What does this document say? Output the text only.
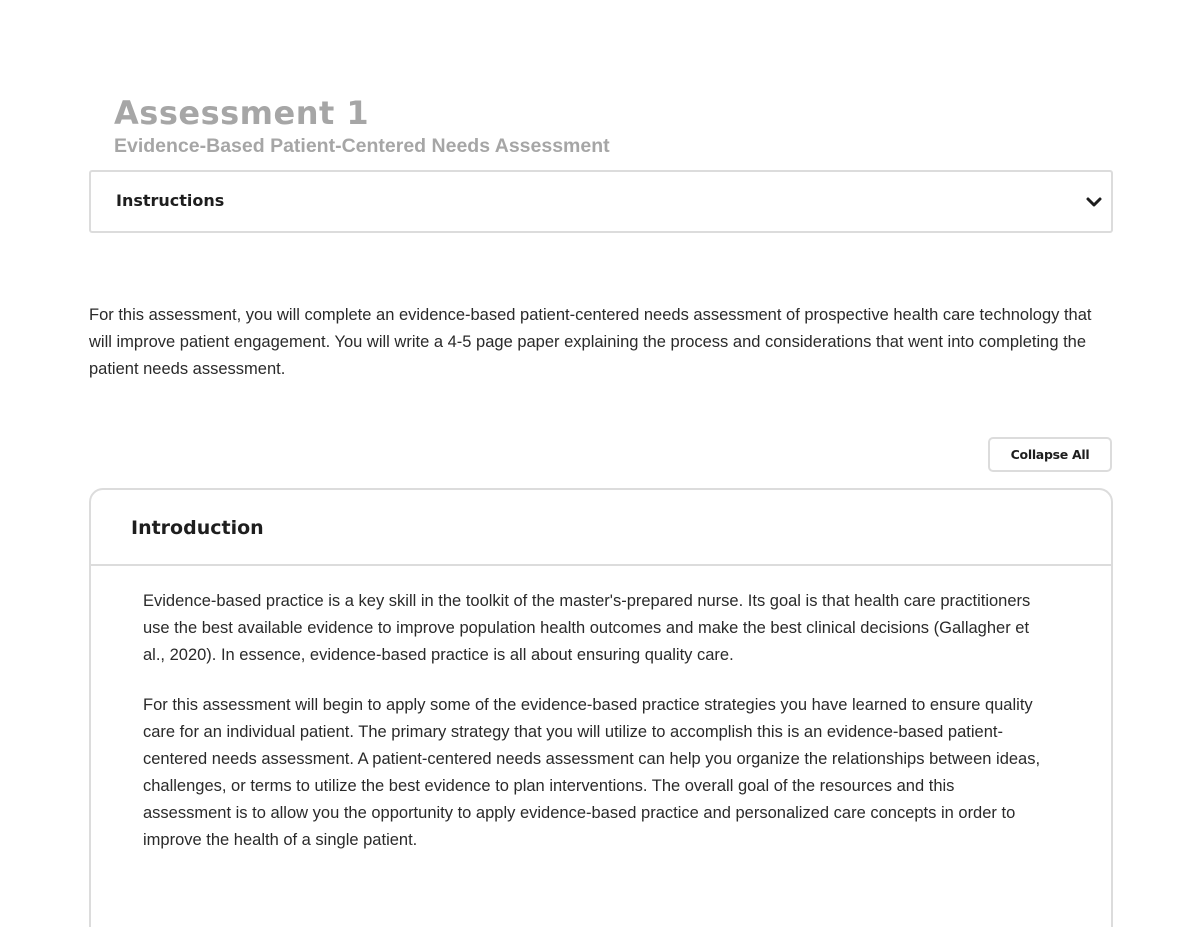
Assessment 1
Evidence-Based Patient-Centered Needs Assessment
Instructions

For this assessment, you will complete an evidence-based patient-centered needs assessment of prospective health care technology that will improve patient engagement. You will write a 4-5 page paper explaining the process and considerations that went into completing the patient needs assessment.

Collapse All
Introduction

Evidence-based practice is a key skill in the toolkit of the master's-prepared nurse. Its goal is that health care practitioners use the best available evidence to improve population health outcomes and make the best clinical decisions (Gallagher et al., 2020). In essence, evidence-based practice is all about ensuring quality care.

For this assessment will begin to apply some of the evidence-based practice strategies you have learned to ensure quality care for an individual patient. The primary strategy that you will utilize to accomplish this is an evidence-based patient-centered needs assessment. A patient-centered needs assessment can help you organize the relationships between ideas, challenges, or terms to utilize the best evidence to plan interventions. The overall goal of the resources and this assessment is to allow you the opportunity to apply evidence-based practice and personalized care concepts in order to improve the health of a single patient.
